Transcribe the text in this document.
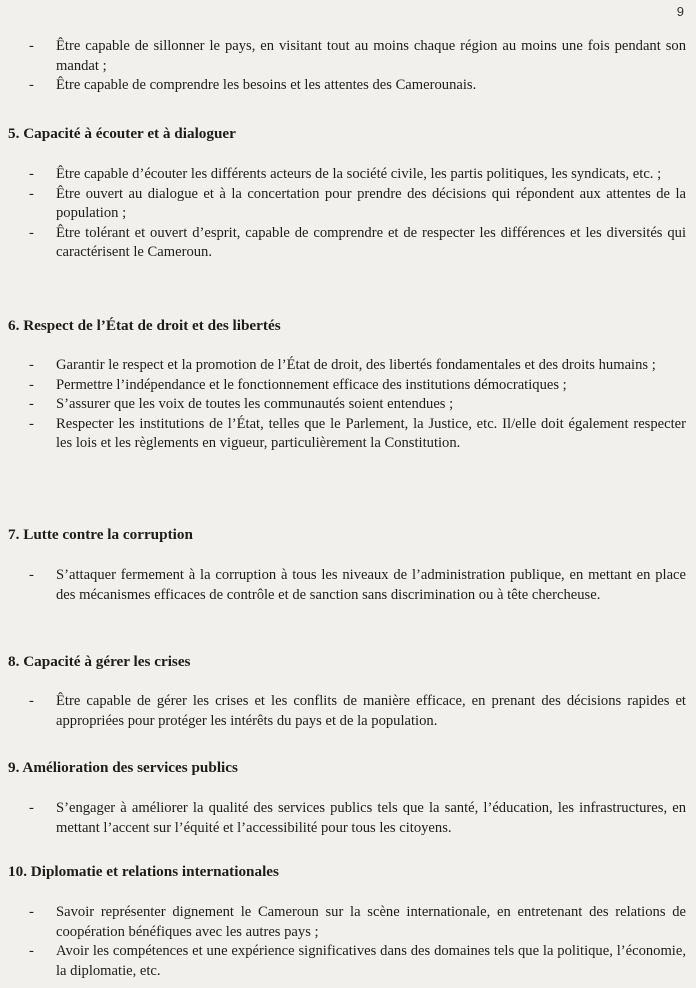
9
- Être capable de sillonner le pays, en visitant tout au moins chaque région au moins une fois pendant son mandat ;
- Être capable de comprendre les besoins et les attentes des Camerounais.
5. Capacité à écouter et à dialoguer
- Être capable d’écouter les différents acteurs de la société civile, les partis politiques, les syndicats, etc. ;
- Être ouvert au dialogue et à la concertation pour prendre des décisions qui répondent aux attentes de la population ;
- Être tolérant et ouvert d’esprit, capable de comprendre et de respecter les différences et les diversités qui caractérisent le Cameroun.
6. Respect de l’État de droit et des libertés
- Garantir le respect et la promotion de l’État de droit, des libertés fondamentales et des droits humains ;
- Permettre l’indépendance et le fonctionnement efficace des institutions démocratiques ;
- S’assurer que les voix de toutes les communautés soient entendues ;
- Respecter les institutions de l’État, telles que le Parlement, la Justice, etc. Il/elle doit également respecter les lois et les règlements en vigueur, particulièrement la Constitution.
7. Lutte contre la corruption
- S’attaquer fermement à la corruption à tous les niveaux de l’administration publique, en mettant en place des mécanismes efficaces de contrôle et de sanction sans discrimination ou à tête chercheuse.
8. Capacité à gérer les crises
- Être capable de gérer les crises et les conflits de manière efficace, en prenant des décisions rapides et appropriées pour protéger les intérêts du pays et de la population.
9. Amélioration des services publics
- S’engager à améliorer la qualité des services publics tels que la santé, l’éducation, les infrastructures, en mettant l’accent sur l’équité et l’accessibilité pour tous les citoyens.
10. Diplomatie et relations internationales
- Savoir représenter dignement le Cameroun sur la scène internationale, en entretenant des relations de coopération bénéfiques avec les autres pays ;
- Avoir les compétences et une expérience significatives dans des domaines tels que la politique, l’économie, la diplomatie, etc.
